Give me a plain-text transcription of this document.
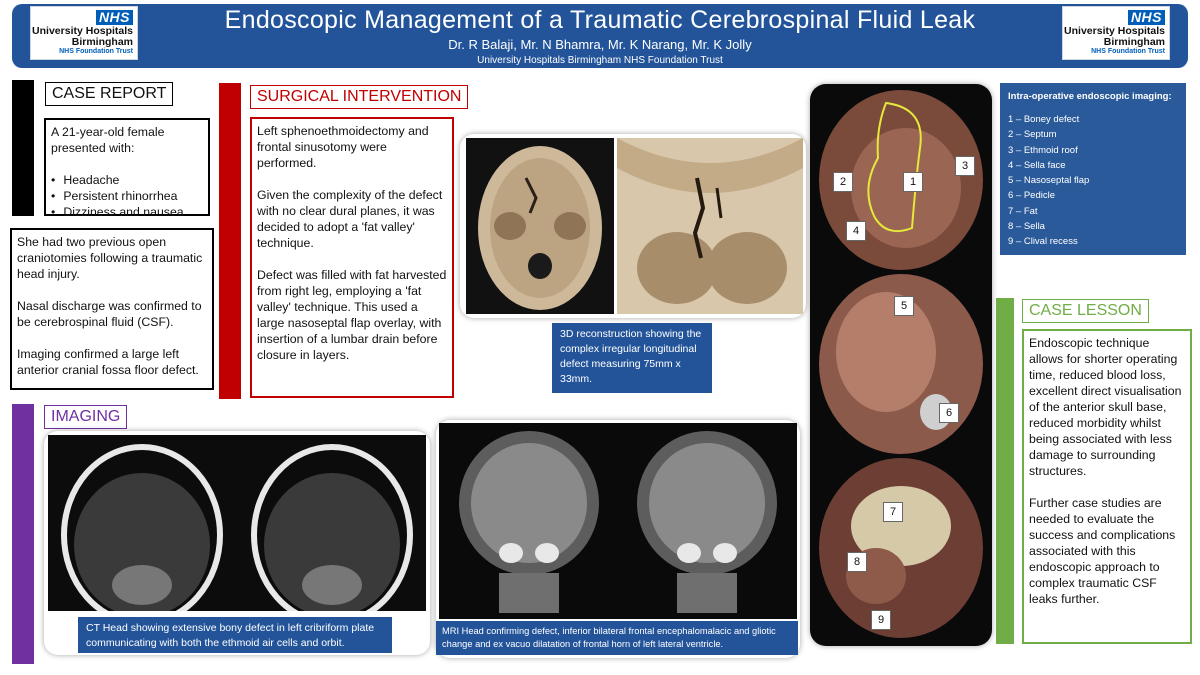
NHS
University Hospitals
Birmingham
NHS Foundation Trust
NHS
University Hospitals
Birmingham
NHS Foundation Trust
Endoscopic Management of a Traumatic Cerebrospinal Fluid Leak
Dr. R Balaji, Mr. N Bhamra, Mr. K Narang, Mr. K Jolly
University Hospitals Birmingham NHS Foundation Trust
CASE REPORT
A 21-year-old female presented with:
• Headache
• Persistent rhinorrhea
• Dizziness and nausea

She had two previous open craniotomies following a traumatic head injury.

Nasal discharge was confirmed to be cerebrospinal fluid (CSF).

Imaging confirmed a large left anterior cranial fossa floor defect.

SURGICAL INTERVENTION

Left sphenoethmoidectomy and frontal sinusotomy were performed.

Given the complexity of the defect with no clear dural planes, it was decided to adopt a 'fat valley' technique.

Defect was filled with fat harvested from right leg, employing a 'fat valley' technique. This used a large nasoseptal flap overlay, with insertion of a lumbar drain before closure in layers.

3D reconstruction showing the complex irregular longitudinal defect measuring 75mm x 33mm.
IMAGING
CT Head showing extensive bony defect in left cribriform plate communicating with both the ethmoid air cells and orbit.
MRI Head confirming defect, inferior bilateral frontal encephalomalacic and gliotic change and ex vacuo dilatation of frontal horn of left lateral ventricle.
1
2
3
4
5
6
7
8
9
Intra-operative endoscopic imaging:
1 – Boney defect
2 – Septum
3 – Ethmoid roof
4 – Sella face
5 – Nasoseptal flap
6 – Pedicle
7 – Fat
8 – Sella
9 – Clival recess
CASE LESSON

Endoscopic technique allows for shorter operating time, reduced blood loss, excellent direct visualisation of the anterior skull base, reduced morbidity whilst being associated with less damage to surrounding structures.

Further case studies are needed to evaluate the success and complications associated with this endoscopic approach to complex traumatic CSF leaks further.
